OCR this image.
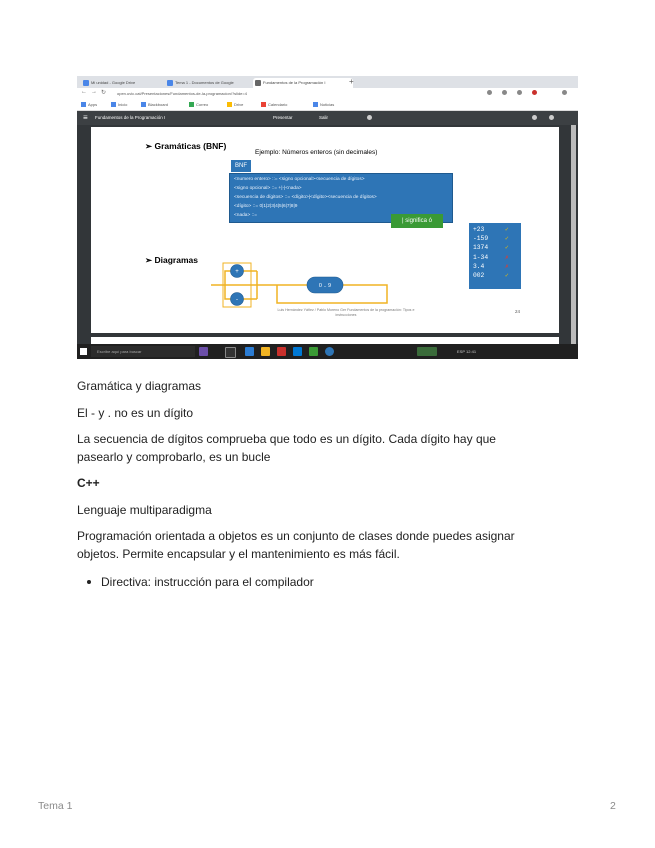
Mi unidad - Google Drive	Tema 1 - Documentos de Google	Fundamentos de la Programación I	+
← → ↻	open.uvic.cat/Presentaciones/Fundamentos-de-la-programacion/?slide=4
Apps	Inicio	Blackboard	Correo	Drive	Calendario	Noticias
≡ Fundamentos de la Programación I	Presentar	Salir
➢ Gramáticas (BNF)
Ejemplo: Números enteros (sin decimales)
BNF
<numero entero> ::= <signo opcional><secuencia de dígitos>
<signo opcional> ::= +|-|<nada>
<secuencia de dígitos> ::= <dígito>|<dígito><secuencia de dígitos>
<dígito> ::= 0|1|2|3|4|5|6|7|8|9
<nada> ::=
| significa ó
+23	✓
-159	✓
1374	✓
1-34	✗
3.4	✗
002	✓
➢ Diagramas
+
-
0 .. 9
Luis Hernández Yáñez / Pablo Moreno Ger Fundamentos de la programación: Tipos e instrucciones
24
Escribe aquí para buscar	ESP 12:41

Gramática y diagramas

El - y . no es un dígito

La secuencia de dígitos comprueba que todo es un dígito. Cada dígito hay que

pasearlo y comprobarlo, es un bucle

C++

Lenguaje multiparadigma

Programación orientada a objetos es un conjunto de clases donde puedes asignar

objetos. Permite encapsular y el mantenimiento es más fácil.

Directiva: instrucción para el compilador
Tema 1	2
